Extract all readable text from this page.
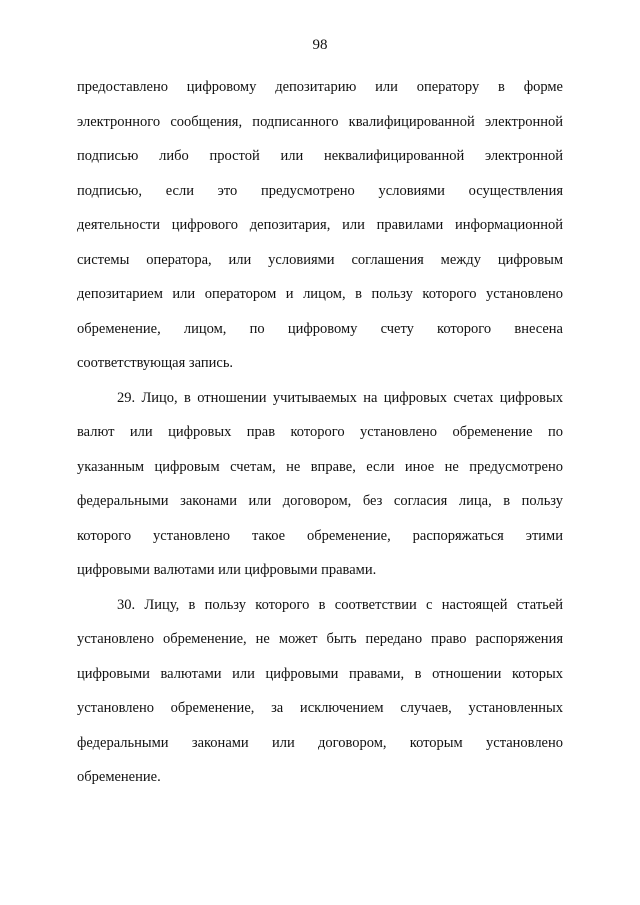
98
предоставлено цифровому депозитарию или оператору в форме
электронного сообщения, подписанного квалифицированной электронной
подписью либо простой или неквалифицированной электронной
подписью, если это предусмотрено условиями осуществления
деятельности цифрового депозитария, или правилами информационной
системы оператора, или условиями соглашения между цифровым
депозитарием или оператором и лицом, в пользу которого установлено
обременение, лицом, по цифровому счету которого внесена
соответствующая запись.
29. Лицо, в отношении учитываемых на цифровых счетах цифровых
валют или цифровых прав которого установлено обременение по
указанным цифровым счетам, не вправе, если иное не предусмотрено
федеральными законами или договором, без согласия лица, в пользу
которого установлено такое обременение, распоряжаться этими
цифровыми валютами или цифровыми правами.
30. Лицу, в пользу которого в соответствии с настоящей статьей
установлено обременение, не может быть передано право распоряжения
цифровыми валютами или цифровыми правами, в отношении которых
установлено обременение, за исключением случаев, установленных
федеральными законами или договором, которым установлено
обременение.
